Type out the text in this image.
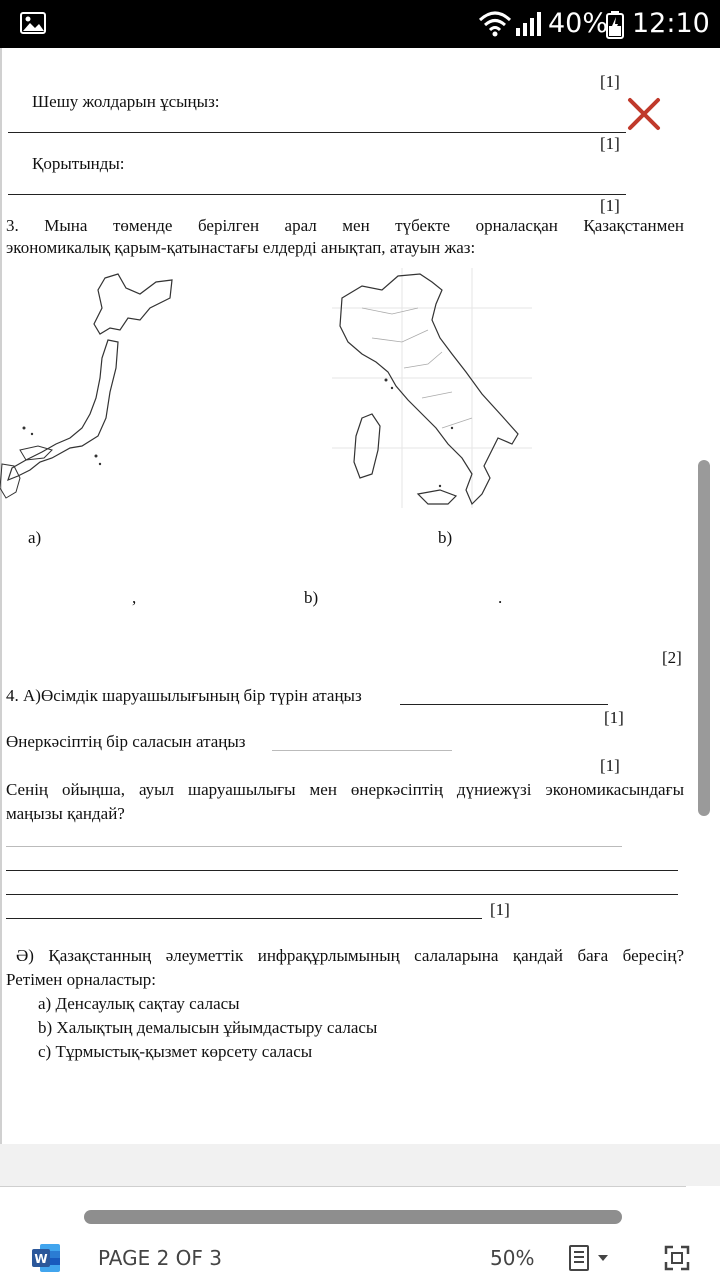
40% 12:10
[1]
Шешу жолдарын ұсыңыз:
[1]
Қорытынды:
[1]
3. Мына төменде берілген арал мен түбекте орналасқан Қазақстанмен
экономикалық қарым-қатынастағы елдерді анықтап, атауын жаз:
a)	b)
,	b)	.
[2]
4. А)Өсімдік шаруашылығының бір түрін атаңыз
[1]
Өнеркәсіптің бір саласын атаңыз
[1]
Сенің ойыңша, ауыл шаруашылығы мен өнеркәсіптің дүниежүзі экономикасындағы
маңызы қандай?
[1]
Ә) Қазақстанның әлеуметтік инфрақұрлымының салаларына қандай баға бересің?
Ретімен орналастыр:
a) Денсаулық сақтау саласы
b) Халықтың демалысын ұйымдастыру саласы
c) Тұрмыстық-қызмет көрсету саласы
W	PAGE 2 OF 3	50%
